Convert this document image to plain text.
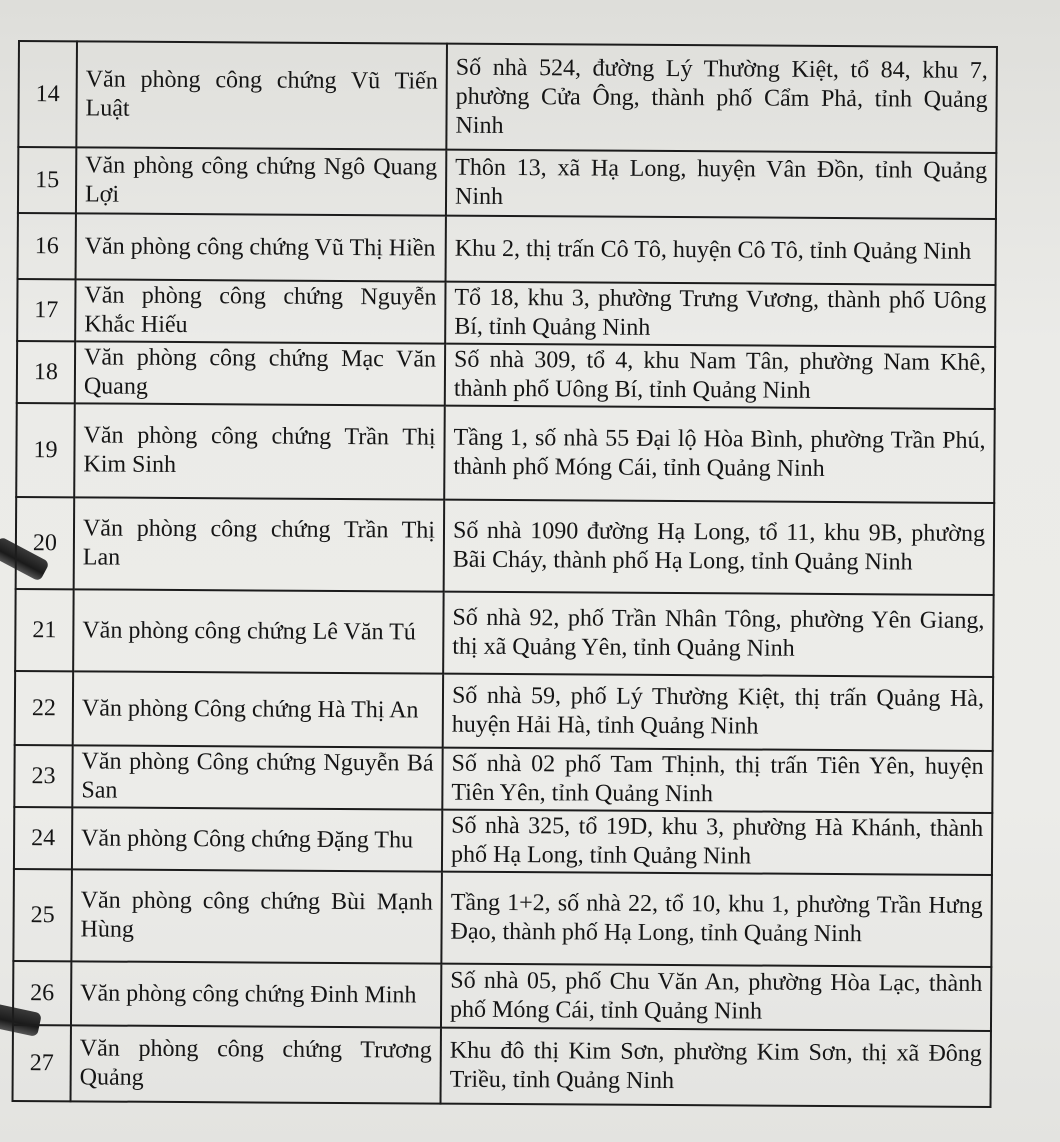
14	Văn phòng công chứng Vũ Tiến Luật	Số nhà 524, đường Lý Thường Kiệt, tổ 84, khu 7, phường Cửa Ông, thành phố Cẩm Phả, tỉnh Quảng Ninh
15	Văn phòng công chứng Ngô Quang Lợi	Thôn 13, xã Hạ Long, huyện Vân Đồn, tỉnh Quảng Ninh
16	Văn phòng công chứng Vũ Thị Hiền	Khu 2, thị trấn Cô Tô, huyện Cô Tô, tỉnh Quảng Ninh
17	Văn phòng công chứng Nguyễn Khắc Hiếu	Tổ 18, khu 3, phường Trưng Vương, thành phố Uông Bí, tỉnh Quảng Ninh
18	Văn phòng công chứng Mạc Văn Quang	Số nhà 309, tổ 4, khu Nam Tân, phường Nam Khê, thành phố Uông Bí, tỉnh Quảng Ninh
19	Văn phòng công chứng Trần Thị Kim Sinh	Tầng 1, số nhà 55 Đại lộ Hòa Bình, phường Trần Phú, thành phố Móng Cái, tỉnh Quảng Ninh
20	Văn phòng công chứng Trần Thị Lan	Số nhà 1090 đường Hạ Long, tổ 11, khu 9B, phường Bãi Cháy, thành phố Hạ Long, tỉnh Quảng Ninh
21	Văn phòng công chứng Lê Văn Tú	Số nhà 92, phố Trần Nhân Tông, phường Yên Giang, thị xã Quảng Yên, tỉnh Quảng Ninh
22	Văn phòng Công chứng Hà Thị An	Số nhà 59, phố Lý Thường Kiệt, thị trấn Quảng Hà, huyện Hải Hà, tỉnh Quảng Ninh
23	Văn phòng Công chứng Nguyễn Bá San	Số nhà 02 phố Tam Thịnh, thị trấn Tiên Yên, huyện Tiên Yên, tỉnh Quảng Ninh
24	Văn phòng Công chứng Đặng Thu	Số nhà 325, tổ 19D, khu 3, phường Hà Khánh, thành phố Hạ Long, tỉnh Quảng Ninh
25	Văn phòng công chứng Bùi Mạnh Hùng	Tầng 1+2, số nhà 22, tổ 10, khu 1, phường Trần Hưng Đạo, thành phố Hạ Long, tỉnh Quảng Ninh
26	Văn phòng công chứng Đinh Minh	Số nhà 05, phố Chu Văn An, phường Hòa Lạc, thành phố Móng Cái, tỉnh Quảng Ninh
27	Văn phòng công chứng Trương Quảng	Khu đô thị Kim Sơn, phường Kim Sơn, thị xã Đông Triều, tỉnh Quảng Ninh
